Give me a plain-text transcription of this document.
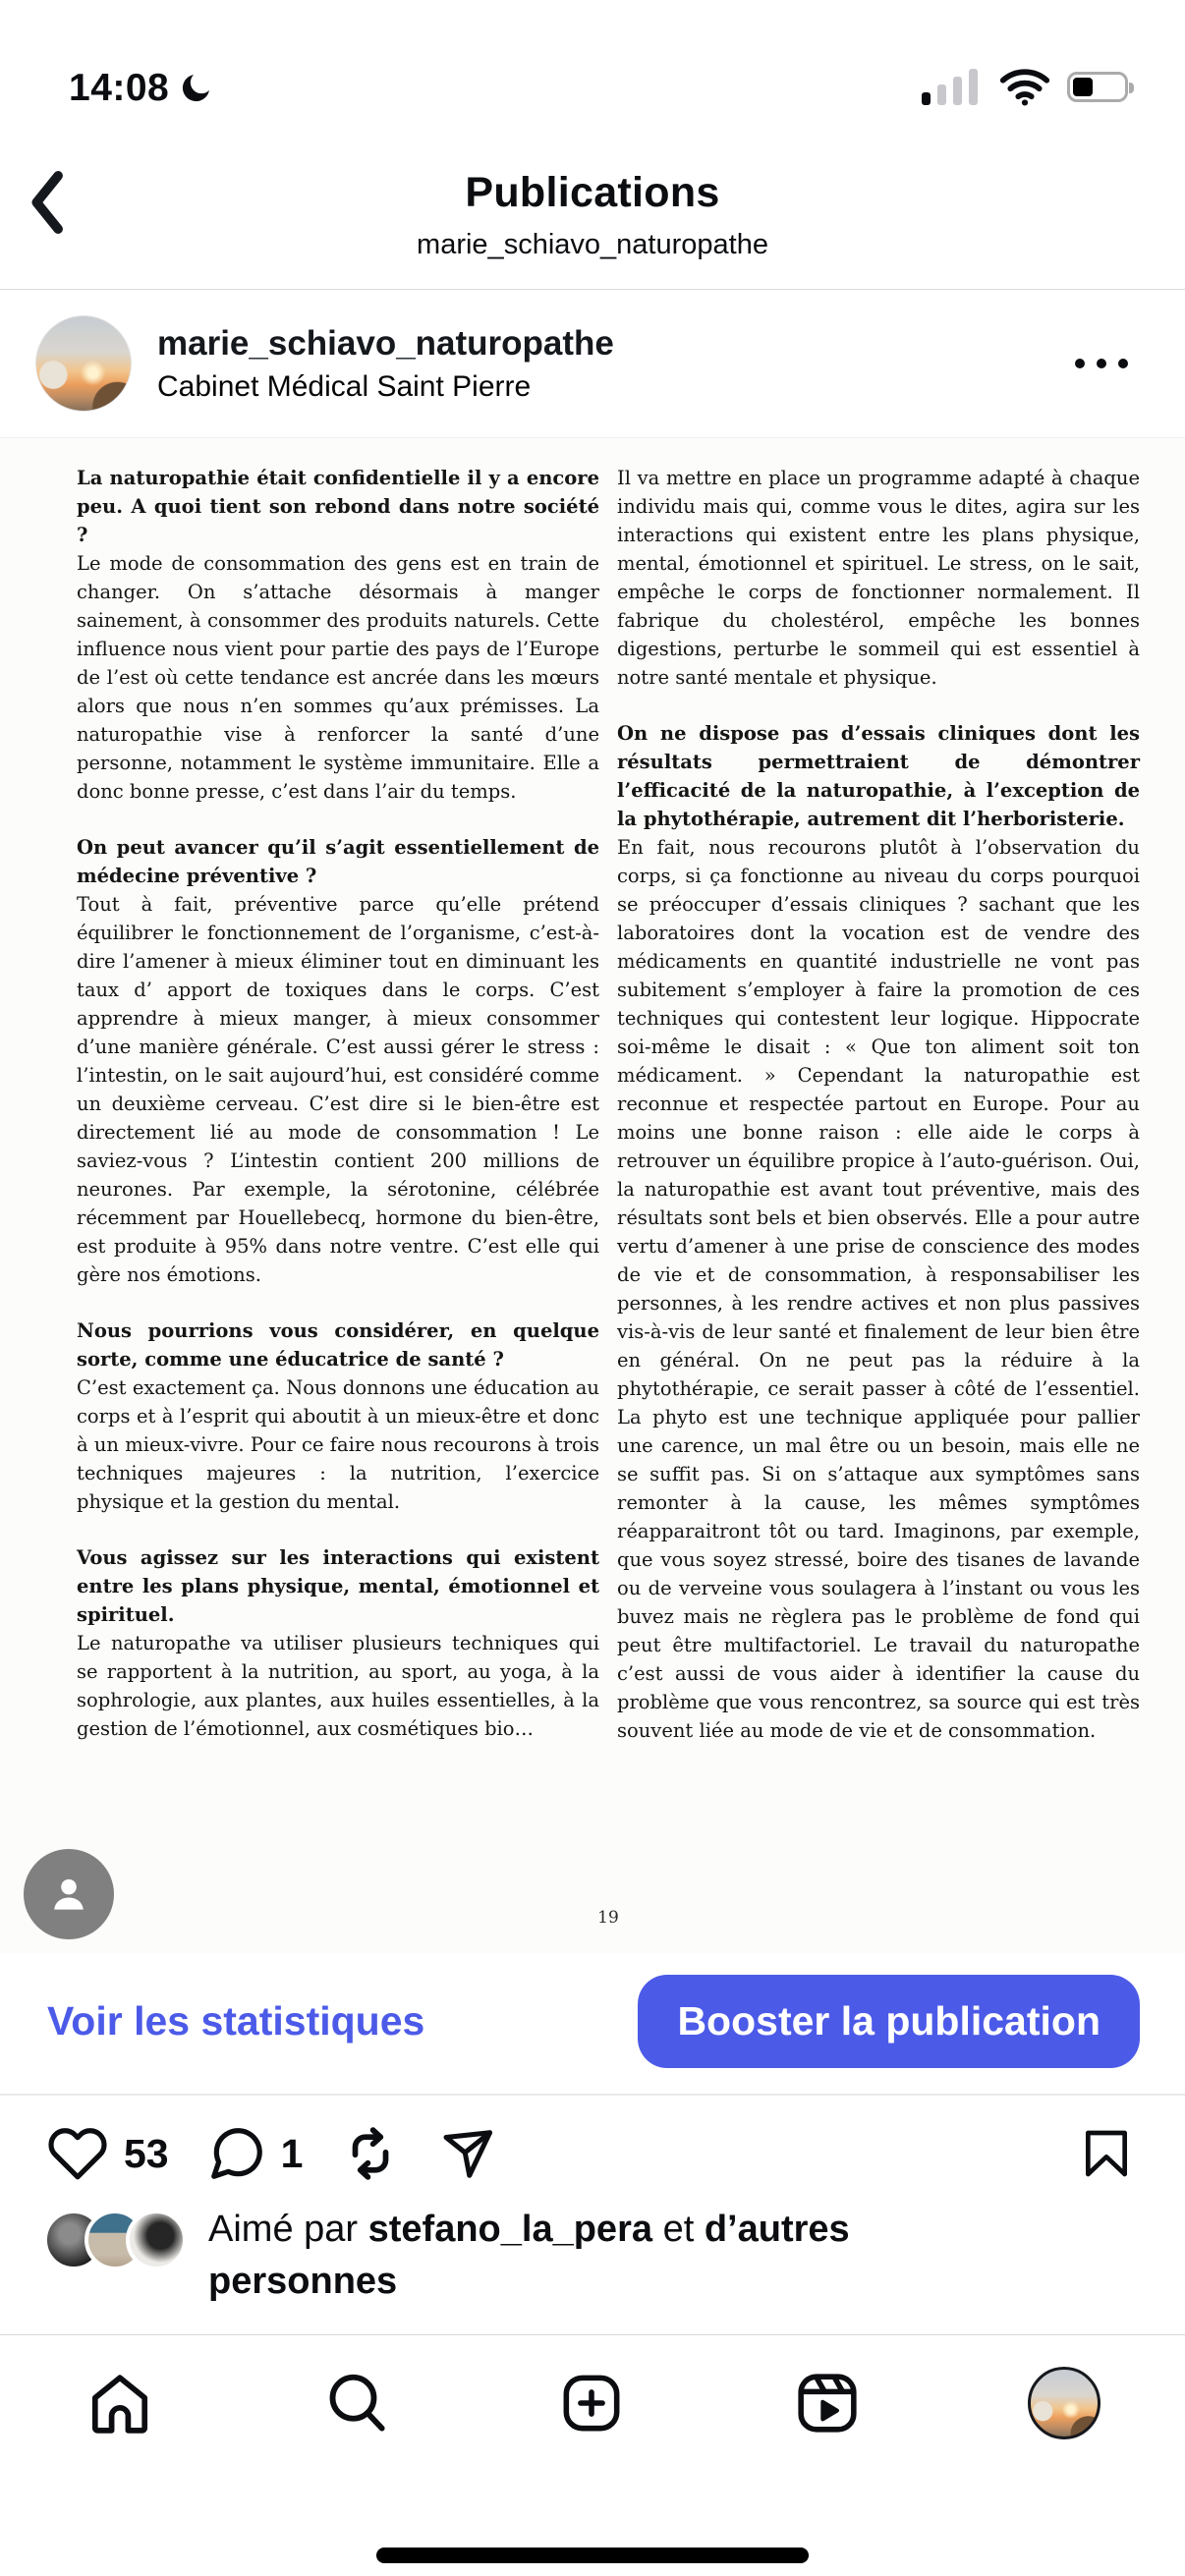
14:08
Publications
marie_schiavo_naturopathe
marie_schiavo_naturopathe
Cabinet Médical Saint Pierre

La naturopathie était confidentielle il y a encore peu. A quoi tient son rebond dans notre société ?

Le mode de consommation des gens est en train de changer. On s’attache désormais à manger sainement, à consommer des produits naturels. Cette influence nous vient pour partie des pays de l’Europe de l’est où cette tendance est ancrée dans les mœurs alors que nous n’en sommes qu’aux prémisses. La naturopathie vise à renforcer la santé d’une personne, notamment le système immunitaire. Elle a donc bonne presse, c’est dans l’air du temps.

On peut avancer qu’il s’agit essentiellement de médecine préventive ?

Tout à fait, préventive parce qu’elle prétend équilibrer le fonctionnement de l’organisme, c’est-à-dire l’amener à mieux éliminer tout en diminuant les taux d’ apport de toxiques dans le corps. C’est apprendre à mieux manger, à mieux consommer d’une manière générale. C’est aussi gérer le stress : l’intestin, on le sait aujourd’hui, est considéré comme un deuxième cerveau. C’est dire si le bien-être est directement lié au mode de consommation ! Le saviez-vous ? L’intestin contient 200 millions de neurones. Par exemple, la sérotonine, célébrée récemment par Houellebecq, hormone du bien-être, est produite à 95% dans notre ventre. C’est elle qui gère nos émotions.

Nous pourrions vous considérer, en quelque sorte, comme une éducatrice de santé ?

C’est exactement ça. Nous donnons une éducation au corps et à l’esprit qui aboutit à un mieux-être et donc à un mieux-vivre. Pour ce faire nous recourons à trois techniques majeures : la nutrition, l’exercice physique et la gestion du mental.

Vous agissez sur les interactions qui existent entre les plans physique, mental, émotionnel et spirituel.

Le naturopathe va utiliser plusieurs techniques qui se rapportent à la nutrition, au sport, au yoga, à la sophrologie, aux plantes, aux huiles essentielles, à la gestion de l’émotionnel, aux cosmétiques bio…

Il va mettre en place un programme adapté à chaque individu mais qui, comme vous le dites, agira sur les interactions qui existent entre les plans physique, mental, émotionnel et spirituel. Le stress, on le sait, empêche le corps de fonctionner normalement. Il fabrique du cholestérol, empêche les bonnes digestions, perturbe le sommeil qui est essentiel à notre santé mentale et physique.

On ne dispose pas d’essais cliniques dont les résultats permettraient de démontrer l’efficacité de la naturopathie, à l’exception de la phytothérapie, autrement dit l’herboristerie.

En fait, nous recourons plutôt à l’observation du corps, si ça fonctionne au niveau du corps pourquoi se préoccuper d’essais cliniques ? sachant que les laboratoires dont la vocation est de vendre des médicaments en quantité industrielle ne vont pas subitement s’employer à faire la promotion de ces techniques qui contestent leur logique. Hippocrate soi-même le disait : « Que ton aliment soit ton médicament. » Cependant la naturopathie est reconnue et respectée partout en Europe. Pour au moins une bonne raison : elle aide le corps à retrouver un équilibre propice à l’auto-guérison. Oui, la naturopathie est avant tout préventive, mais des résultats sont bels et bien observés. Elle a pour autre vertu d’amener à une prise de conscience des modes de vie et de consommation, à responsabiliser les personnes, à les rendre actives et non plus passives vis-à-vis de leur santé et finalement de leur bien être en général. On ne peut pas la réduire à la phytothérapie, ce serait passer à côté de l’essentiel. La phyto est une technique appliquée pour pallier une carence, un mal être ou un besoin, mais elle ne se suffit pas. Si on s’attaque aux symptômes sans remonter à la cause, les mêmes symptômes réapparaitront tôt ou tard. Imaginons, par exemple, que vous soyez stressé, boire des tisanes de lavande ou de verveine vous soulagera à l’instant ou vous les buvez mais ne règlera pas le problème de fond qui peut être multifactoriel. Le travail du naturopathe c’est aussi de vous aider à identifier la cause du problème que vous rencontrez, sa source qui est très souvent liée au mode de vie et de consommation.

19
Voir les statistiques	Booster la publication
53	1
Aimé par stefano_la_pera et d’autres personnes
